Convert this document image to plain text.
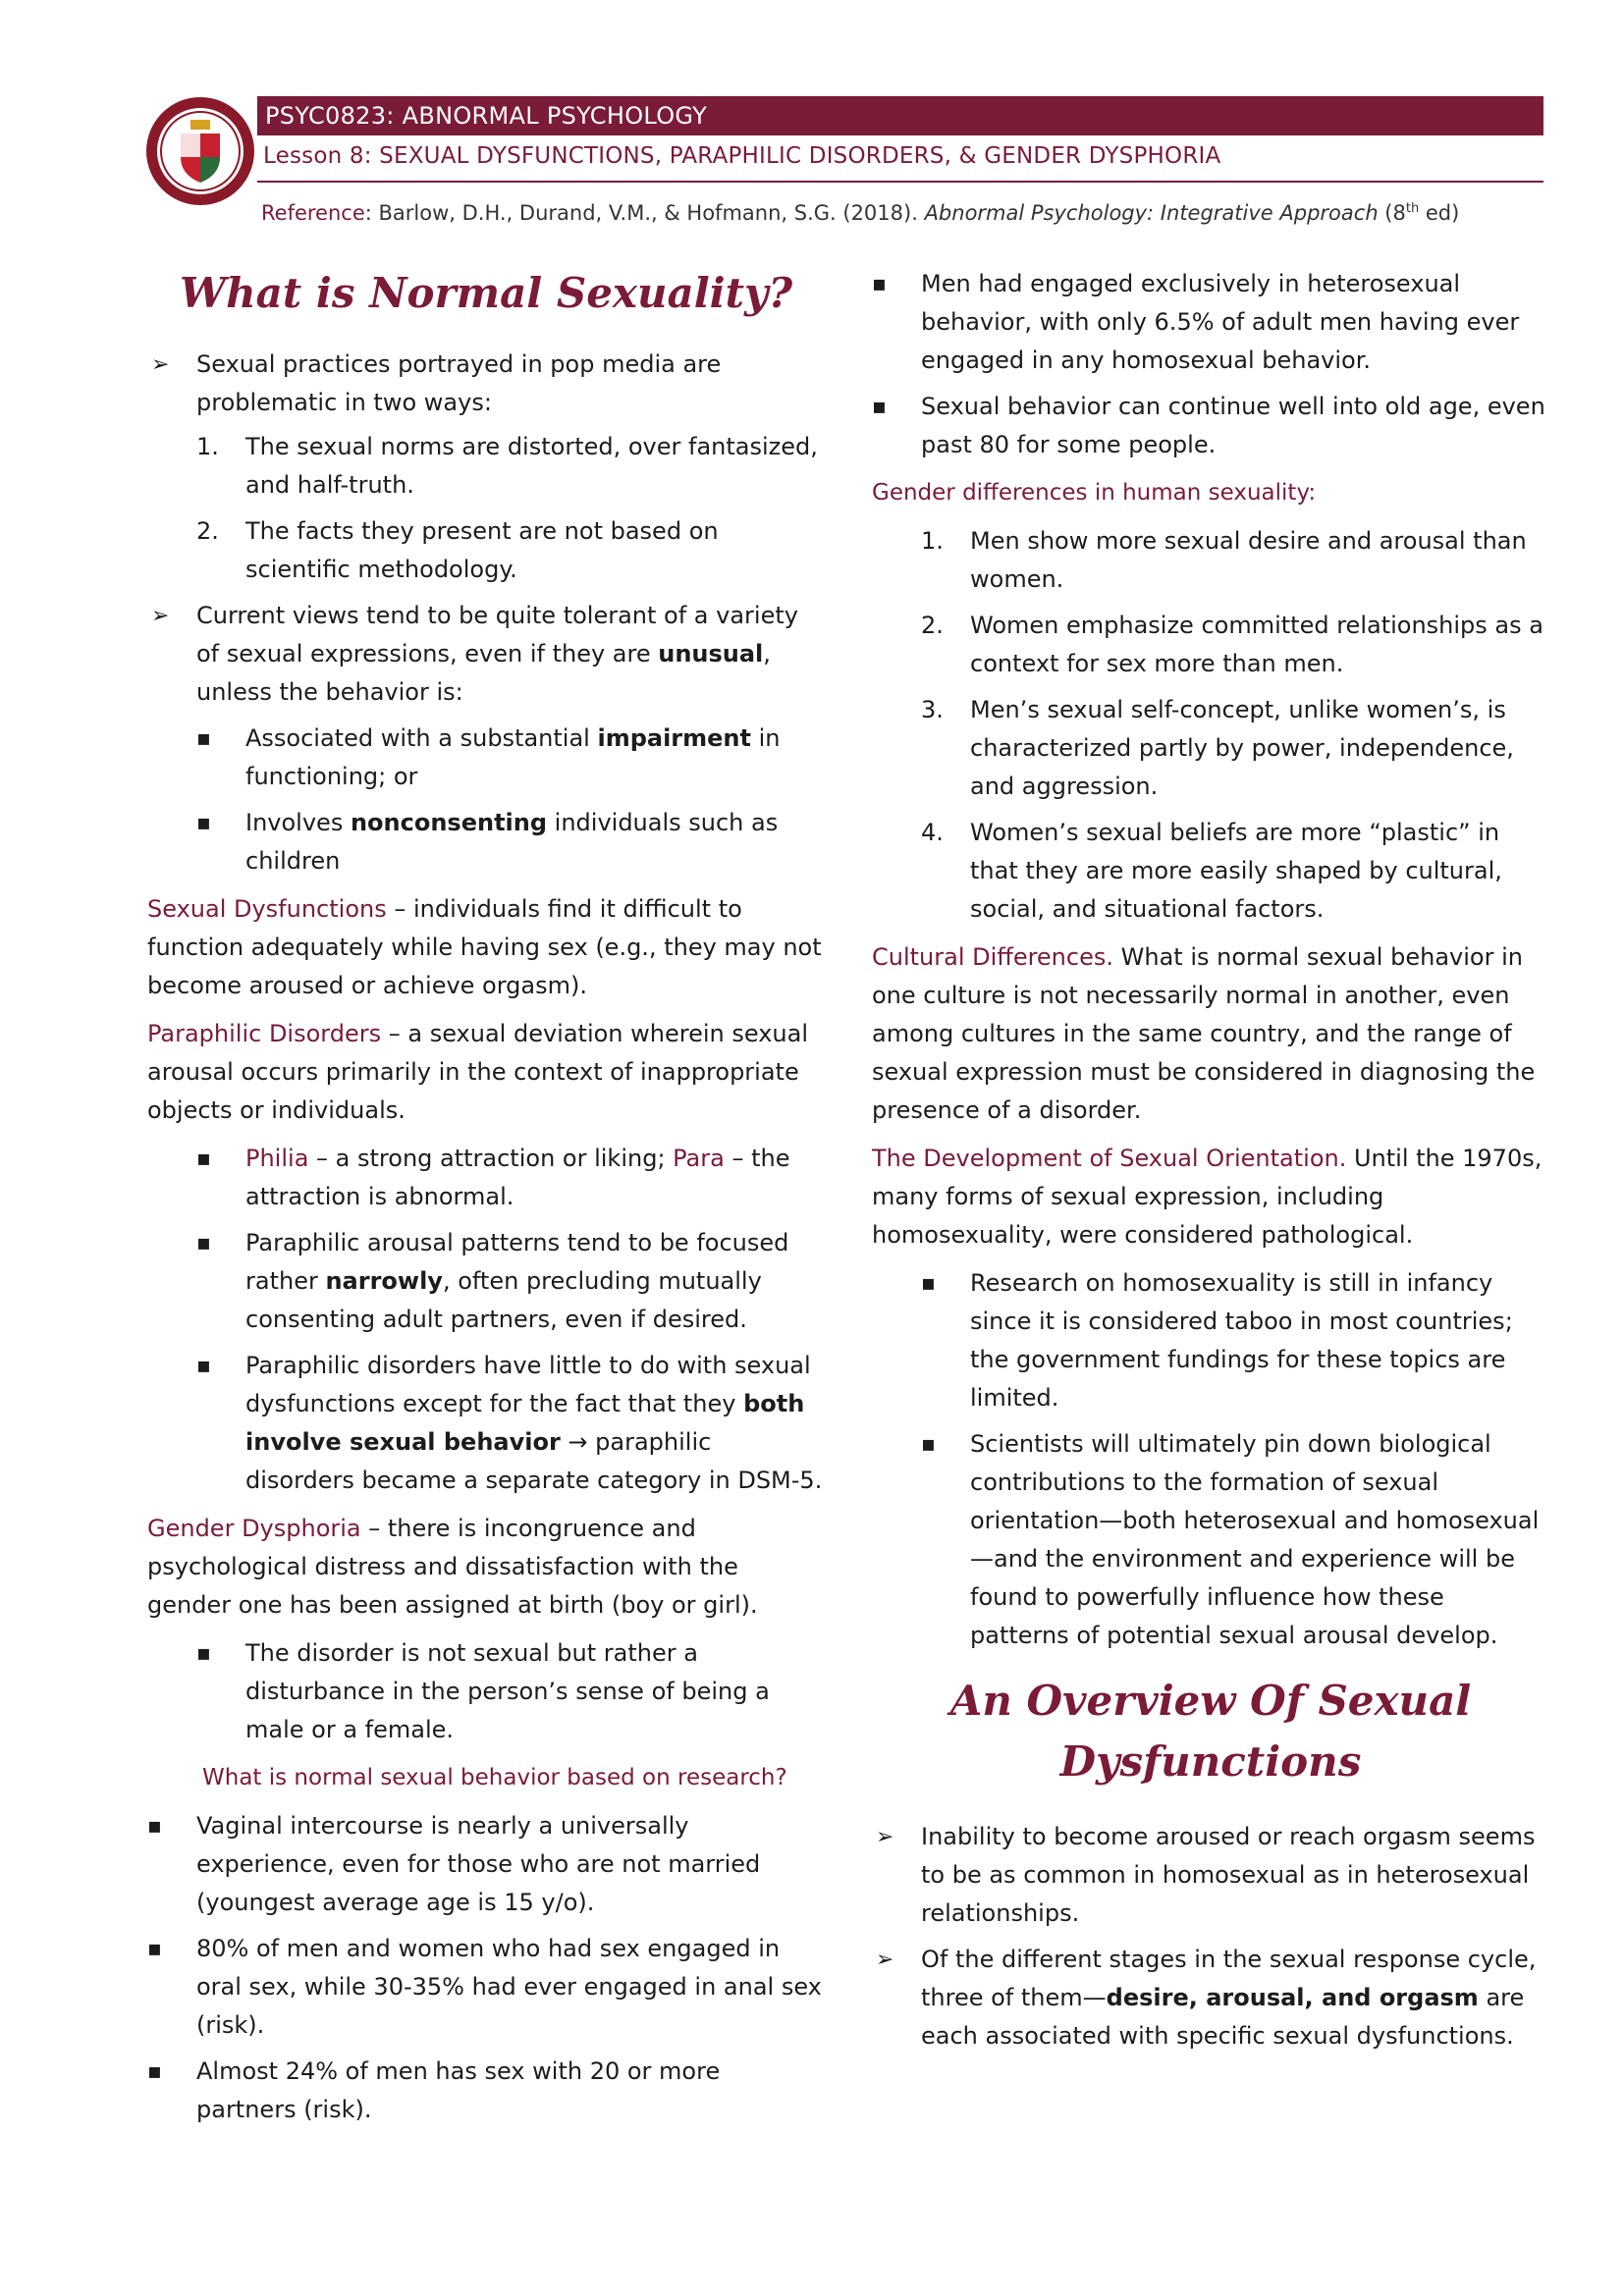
PSYC0823: ABNORMAL PSYCHOLOGY
Lesson 8: SEXUAL DYSFUNCTIONS, PARAPHILIC DISORDERS, & GENDER DYSPHORIA
Reference: Barlow, D.H., Durand, V.M., & Hofmann, S.G. (2018). Abnormal Psychology: Integrative Approach (8th ed)
What is Normal Sexuality?
➢ Sexual practices portrayed in pop media are problematic in two ways:

1. The sexual norms are distorted, over fantasized, and half-truth.

2. The facts they present are not based on scientific methodology.

➢ Current views tend to be quite tolerant of a variety of sexual expressions, even if they are unusual, unless the behavior is:

▪ Associated with a substantial impairment in functioning; or

▪ Involves nonconsenting individuals such as children

Sexual Dysfunctions – individuals find it difficult to function adequately while having sex (e.g., they may not become aroused or achieve orgasm).

Paraphilic Disorders – a sexual deviation wherein sexual arousal occurs primarily in the context of inappropriate objects or individuals.

▪ Philia – a strong attraction or liking; Para – the attraction is abnormal.

▪ Paraphilic arousal patterns tend to be focused rather narrowly, often precluding mutually consenting adult partners, even if desired.

▪ Paraphilic disorders have little to do with sexual dysfunctions except for the fact that they both involve sexual behavior → paraphilic disorders became a separate category in DSM-5.

Gender Dysphoria – there is incongruence and psychological distress and dissatisfaction with the gender one has been assigned at birth (boy or girl).

▪ The disorder is not sexual but rather a disturbance in the person’s sense of being a male or a female.

What is normal sexual behavior based on research?

▪ Vaginal intercourse is nearly a universally experience, even for those who are not married (youngest average age is 15 y/o).

▪ 80% of men and women who had sex engaged in oral sex, while 30-35% had ever engaged in anal sex (risk).

▪ Almost 24% of men has sex with 20 or more partners (risk).

▪ Men had engaged exclusively in heterosexual behavior, with only 6.5% of adult men having ever engaged in any homosexual behavior.

▪ Sexual behavior can continue well into old age, even past 80 for some people.

Gender differences in human sexuality:

1. Men show more sexual desire and arousal than women.

2. Women emphasize committed relationships as a context for sex more than men.

3. Men’s sexual self-concept, unlike women’s, is characterized partly by power, independence, and aggression.

4. Women’s sexual beliefs are more “plastic” in that they are more easily shaped by cultural, social, and situational factors.

Cultural Differences. What is normal sexual behavior in one culture is not necessarily normal in another, even among cultures in the same country, and the range of sexual expression must be considered in diagnosing the presence of a disorder.

The Development of Sexual Orientation. Until the 1970s, many forms of sexual expression, including homosexuality, were considered pathological.

▪ Research on homosexuality is still in infancy since it is considered taboo in most countries; the government fundings for these topics are limited.

▪ Scientists will ultimately pin down biological contributions to the formation of sexual orientation—both heterosexual and homosexual—and the environment and experience will be found to powerfully influence how these patterns of potential sexual arousal develop.

An Overview Of Sexual
Dysfunctions
➢ Inability to become aroused or reach orgasm seems to be as common in homosexual as in heterosexual relationships.

➢ Of the different stages in the sexual response cycle, three of them—desire, arousal, and orgasm are each associated with specific sexual dysfunctions.
